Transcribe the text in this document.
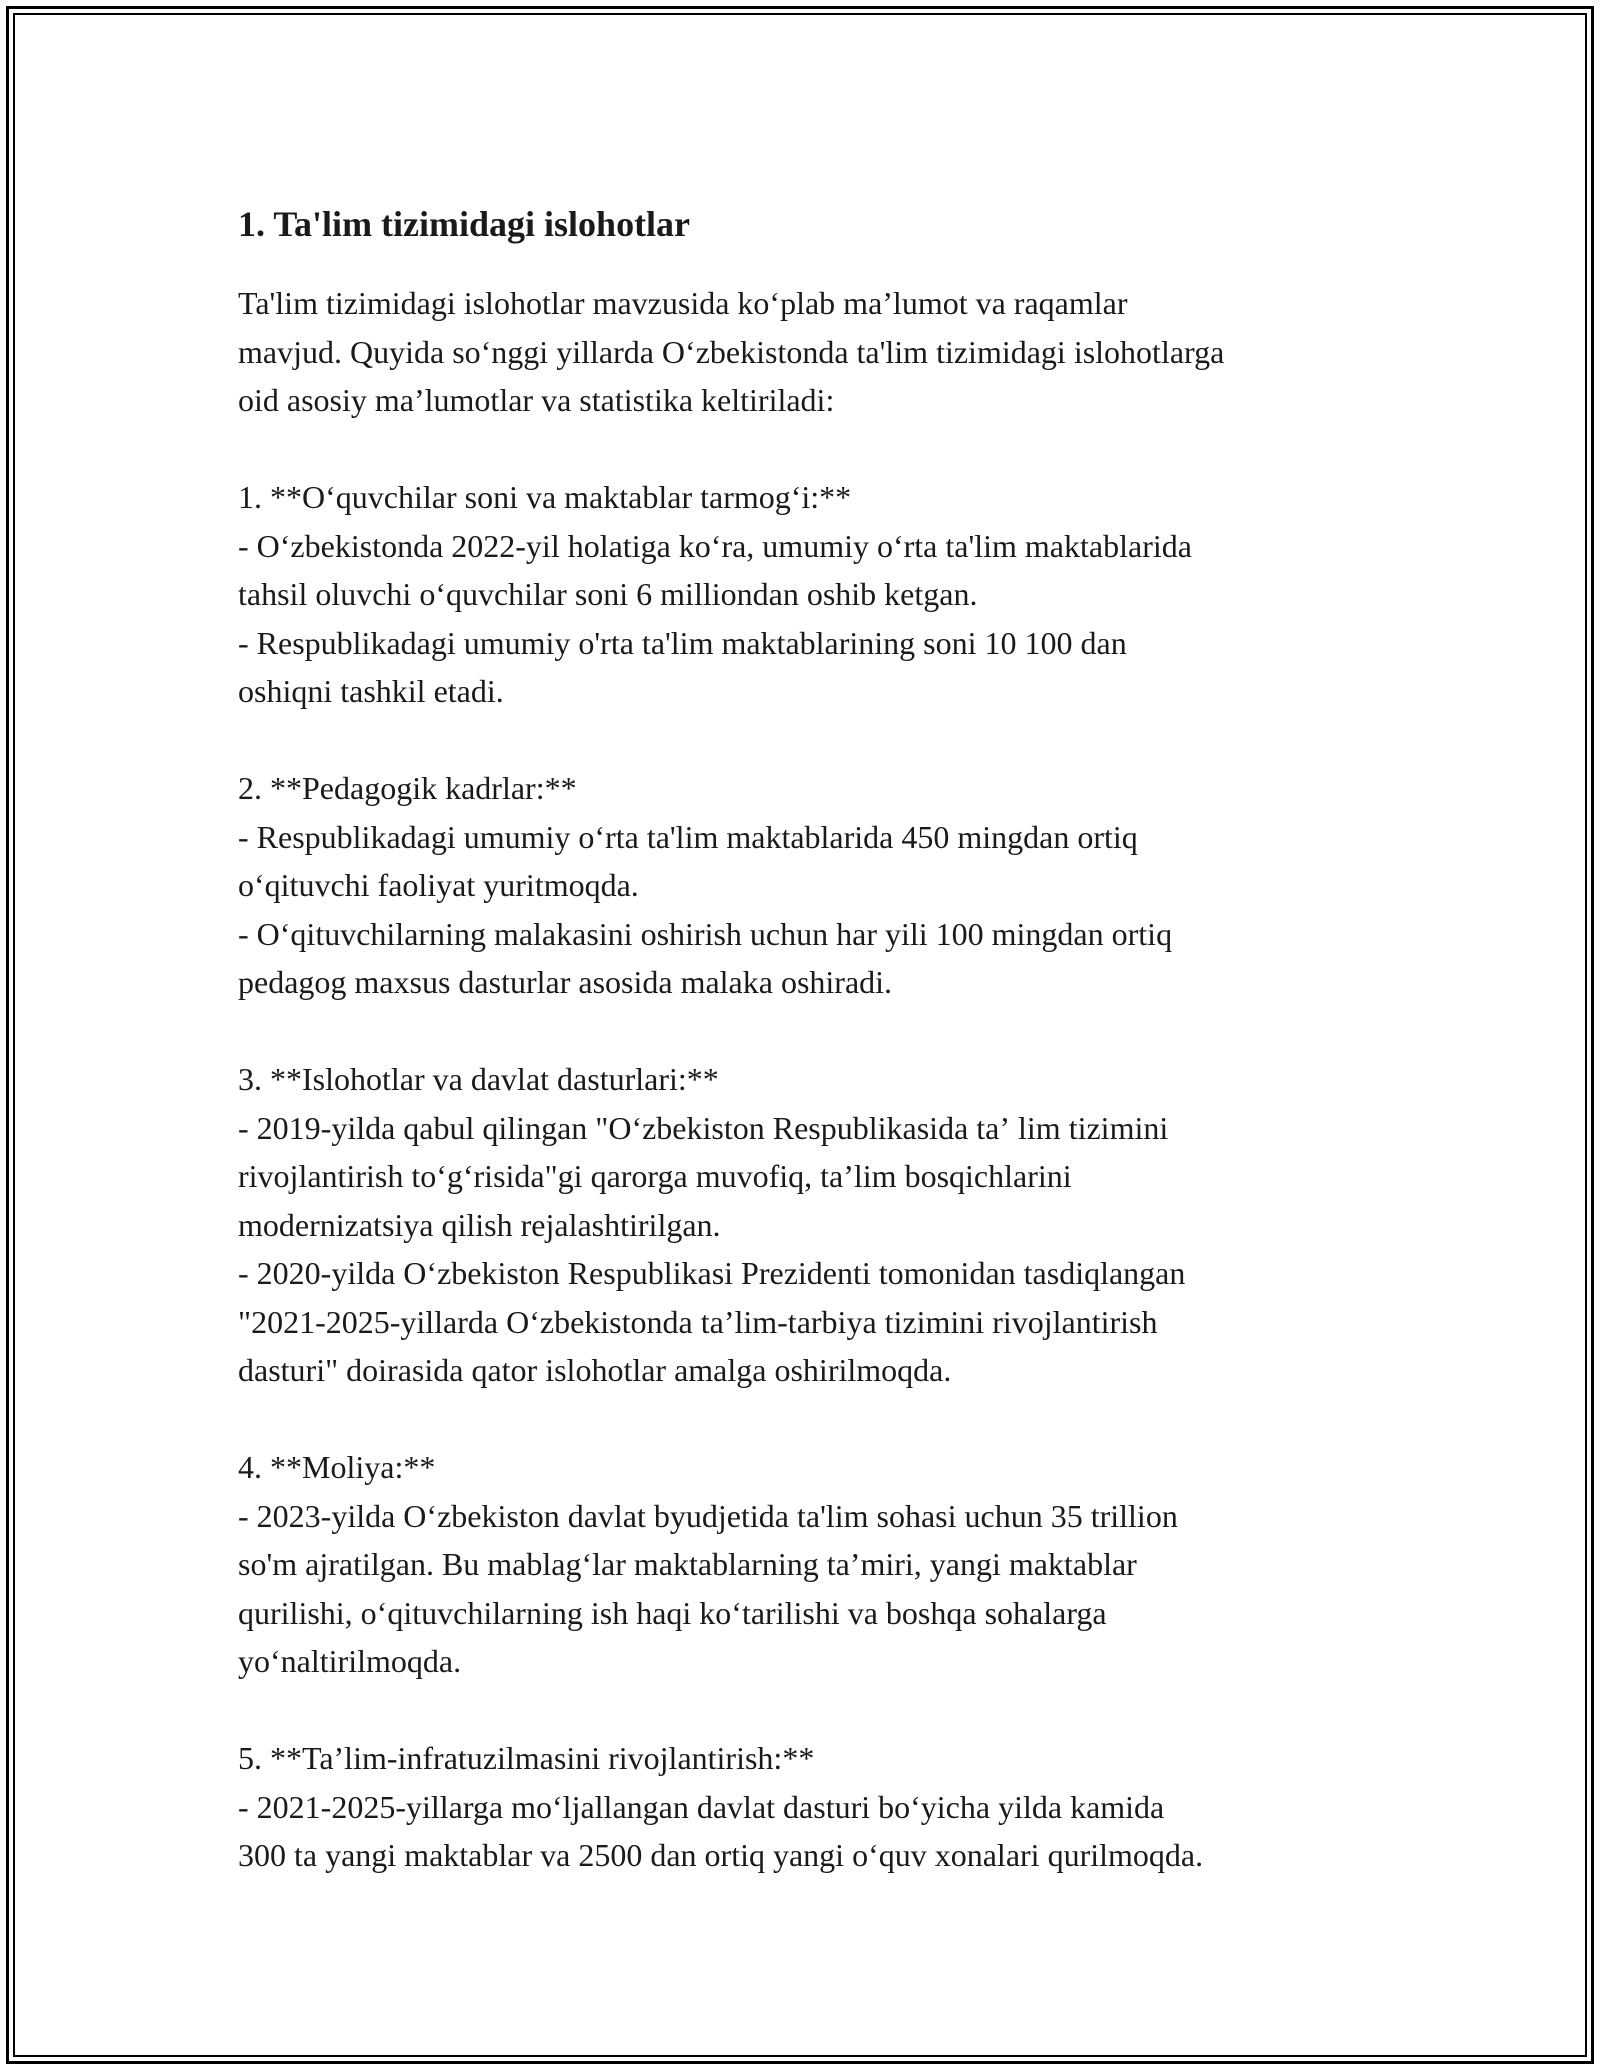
1. Ta'lim tizimidagi islohotlar

Ta'lim tizimidagi islohotlar mavzusida koʻplab maʼlumot va raqamlar
mavjud. Quyida soʻnggi yillarda Oʻzbekistonda ta'lim tizimidagi islohotlarga
oid asosiy maʼlumotlar va statistika keltiriladi:

1. **Oʻquvchilar soni va maktablar tarmogʻi:**

- Oʻzbekistonda 2022-yil holatiga koʻra, umumiy oʻrta ta'lim maktablarida
tahsil oluvchi oʻquvchilar soni 6 milliondan oshib ketgan.
- Respublikadagi umumiy o'rta ta'lim maktablarining soni 10 100 dan
oshiqni tashkil etadi.

2. **Pedagogik kadrlar:**

- Respublikadagi umumiy oʻrta ta'lim maktablarida 450 mingdan ortiq
oʻqituvchi faoliyat yuritmoqda.
- Oʻqituvchilarning malakasini oshirish uchun har yili 100 mingdan ortiq
pedagog maxsus dasturlar asosida malaka oshiradi.

3. **Islohotlar va davlat dasturlari:**

- 2019-yilda qabul qilingan "Oʻzbekiston Respublikasida taʼ lim tizimini
rivojlantirish toʻgʻrisida"gi qarorga muvofiq, taʼlim bosqichlarini
modernizatsiya qilish rejalashtirilgan.
- 2020-yilda Oʻzbekiston Respublikasi Prezidenti tomonidan tasdiqlangan
"2021-2025-yillarda Oʻzbekistonda taʼlim-tarbiya tizimini rivojlantirish
dasturi" doirasida qator islohotlar amalga oshirilmoqda.

4. **Moliya:**

- 2023-yilda Oʻzbekiston davlat byudjetida ta'lim sohasi uchun 35 trillion
so'm ajratilgan. Bu mablagʻlar maktablarning taʼmiri, yangi maktablar
qurilishi, oʻqituvchilarning ish haqi koʻtarilishi va boshqa sohalarga
yoʻnaltirilmoqda.

5. **Taʼlim-infratuzilmasini rivojlantirish:**

- 2021-2025-yillarga moʻljallangan davlat dasturi boʻyicha yilda kamida
300 ta yangi maktablar va 2500 dan ortiq yangi oʻquv xonalari qurilmoqda.
